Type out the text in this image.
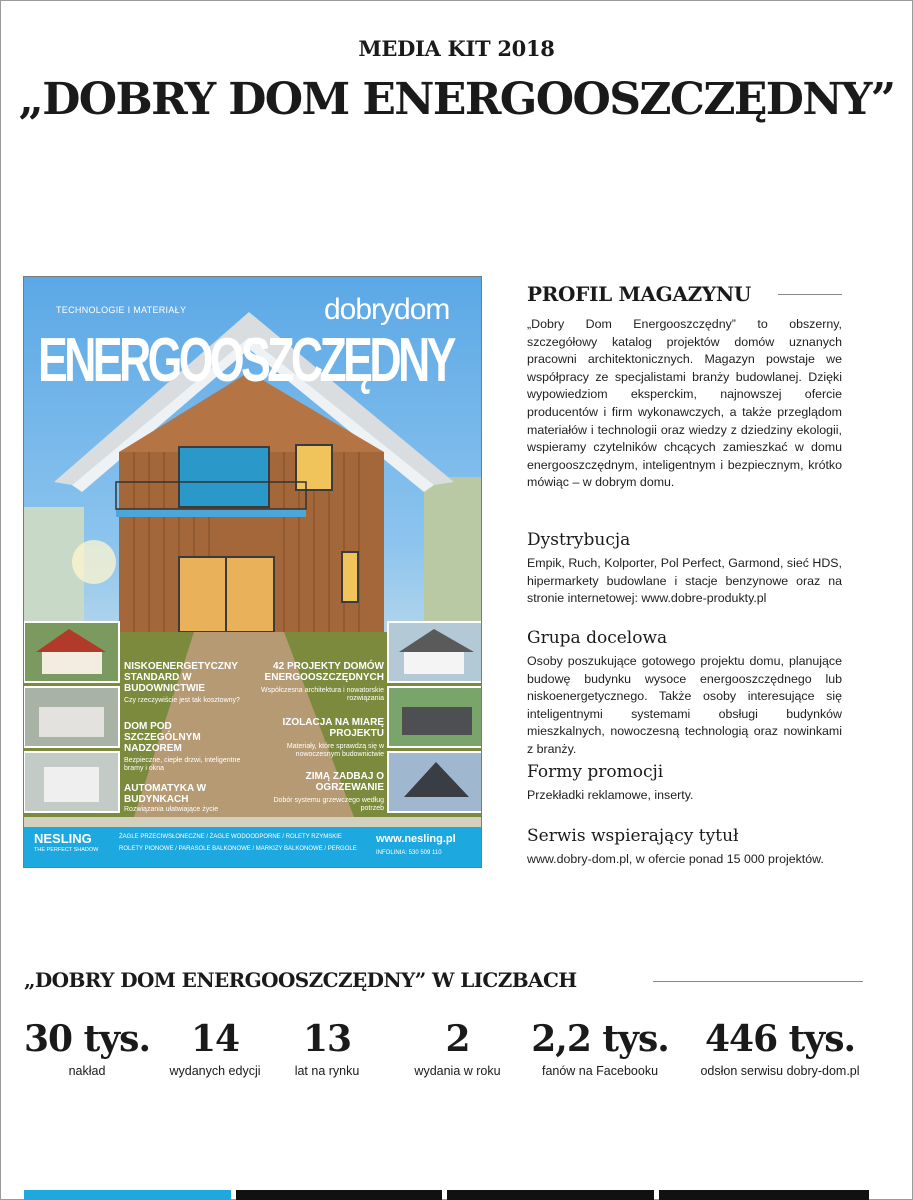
MEDIA KIT 2018
„DOBRY DOM ENERGOOSZCZĘDNY”
TECHNOLOGIE I MATERIAŁY	dobrydom
ENERGOOSZCZĘDNY
NISKOENERGETYCZNY STANDARD W BUDOWNICTWIE
Czy rzeczywiście jest tak kosztowny?
DOM POD SZCZEGÓLNYM NADZOREM
Bezpieczne, ciepłe drzwi, inteligentne bramy i okna
AUTOMATYKA W BUDYNKACH
Rozwiązania ułatwiające życie
42 PROJEKTY DOMÓW ENERGOOSZCZĘDNYCH
Współczesna architektura i nowatorskie rozwiązania
IZOLACJA NA MIARĘ PROJEKTU
Materiały, które sprawdzą się w nowoczesnym budownictwie
ZIMĄ ZADBAJ O OGRZEWANIE
Dobór systemu grzewczego według potrzeb
NESLING
THE PERFECT SHADOW
ŻAGLE PRZECIWSŁONECZNE / ŻAGLE WODOODPORNE / ROLETY RZYMSKIE
ROLETY PIONOWE / PARASOLE BALKONOWE / MARKIZY BALKONOWE / PERGOLE
www.nesling.pl
INFOLINIA: 530 509 110
PROFIL MAGAZYNU
„Dobry Dom Energooszczędny” to obszerny, szczegółowy katalog projektów domów uznanych pracowni architektonicznych. Magazyn powstaje we współpracy ze specjalistami branży budowlanej. Dzięki wypowiedziom eksperckim, najnowszej ofercie producentów i firm wykonawczych, a także przeglądom materiałów i technologii oraz wiedzy z dziedziny ekologii, wspieramy czytelników chcących zamieszkać w domu energooszczędnym, inteligentnym i bezpiecznym, krótko mówiąc – w dobrym domu.
Dystrybucja
Empik, Ruch, Kolporter, Pol Perfect, Garmond, sieć HDS, hipermarkety budowlane i stacje benzynowe oraz na stronie internetowej: www.dobre-produkty.pl
Grupa docelowa
Osoby poszukujące gotowego projektu domu, planujące budowę budynku wysoce energooszczędnego lub niskoenergetycznego. Także osoby interesujące się inteligentnymi systemami obsługi budynków mieszkalnych, nowoczesną technologią oraz nowinkami z branży.
Formy promocji
Przekładki reklamowe, inserty.
Serwis wspierający tytuł
www.dobry-dom.pl, w ofercie ponad 15 000 projektów.
„DOBRY DOM ENERGOOSZCZĘDNY” W LICZBACH
30 tys.
nakład
14
wydanych edycji
13
lat na rynku
2
wydania w roku
2,2 tys.
fanów na Facebooku
446 tys.
odsłon serwisu dobry-dom.pl
